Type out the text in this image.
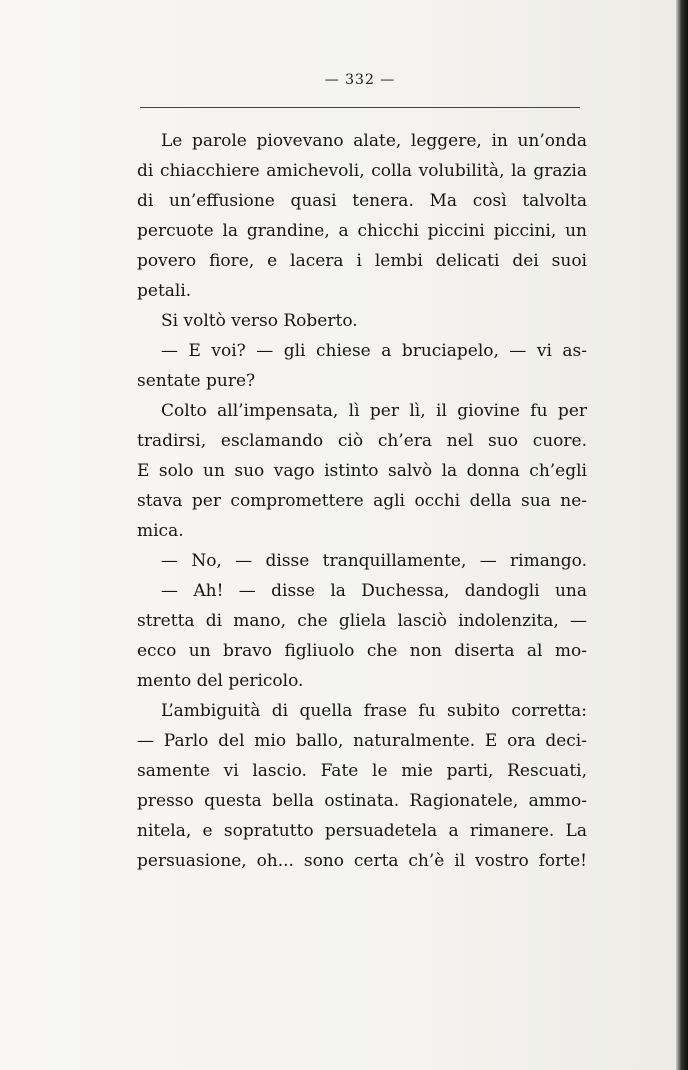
— 332 —
Le parole piovevano alate, leggere, in un’onda
di chiacchiere amichevoli, colla volubilità, la grazia
di un’effusione quasi tenera. Ma così talvolta
percuote la grandine, a chicchi piccini piccini, un
povero fiore, e lacera i lembi delicati dei suoi
petali.
Si voltò verso Roberto.
— E voi? — gli chiese a bruciapelo, — vi as-
sentate pure?
Colto all’impensata, lì per lì, il giovine fu per
tradirsi, esclamando ciò ch’era nel suo cuore.
E solo un suo vago istinto salvò la donna ch’egli
stava per compromettere agli occhi della sua ne-
mica.
— No, — disse tranquillamente, — rimango.
— Ah! — disse la Duchessa, dandogli una
stretta di mano, che gliela lasciò indolenzita, —
ecco un bravo figliuolo che non diserta al mo-
mento del pericolo.
L’ambiguità di quella frase fu subito corretta:
— Parlo del mio ballo, naturalmente. E ora deci-
samente vi lascio. Fate le mie parti, Rescuati,
presso questa bella ostinata. Ragionatele, ammo-
nitela, e sopratutto persuadetela a rimanere. La
persuasione, oh... sono certa ch’è il vostro forte!
